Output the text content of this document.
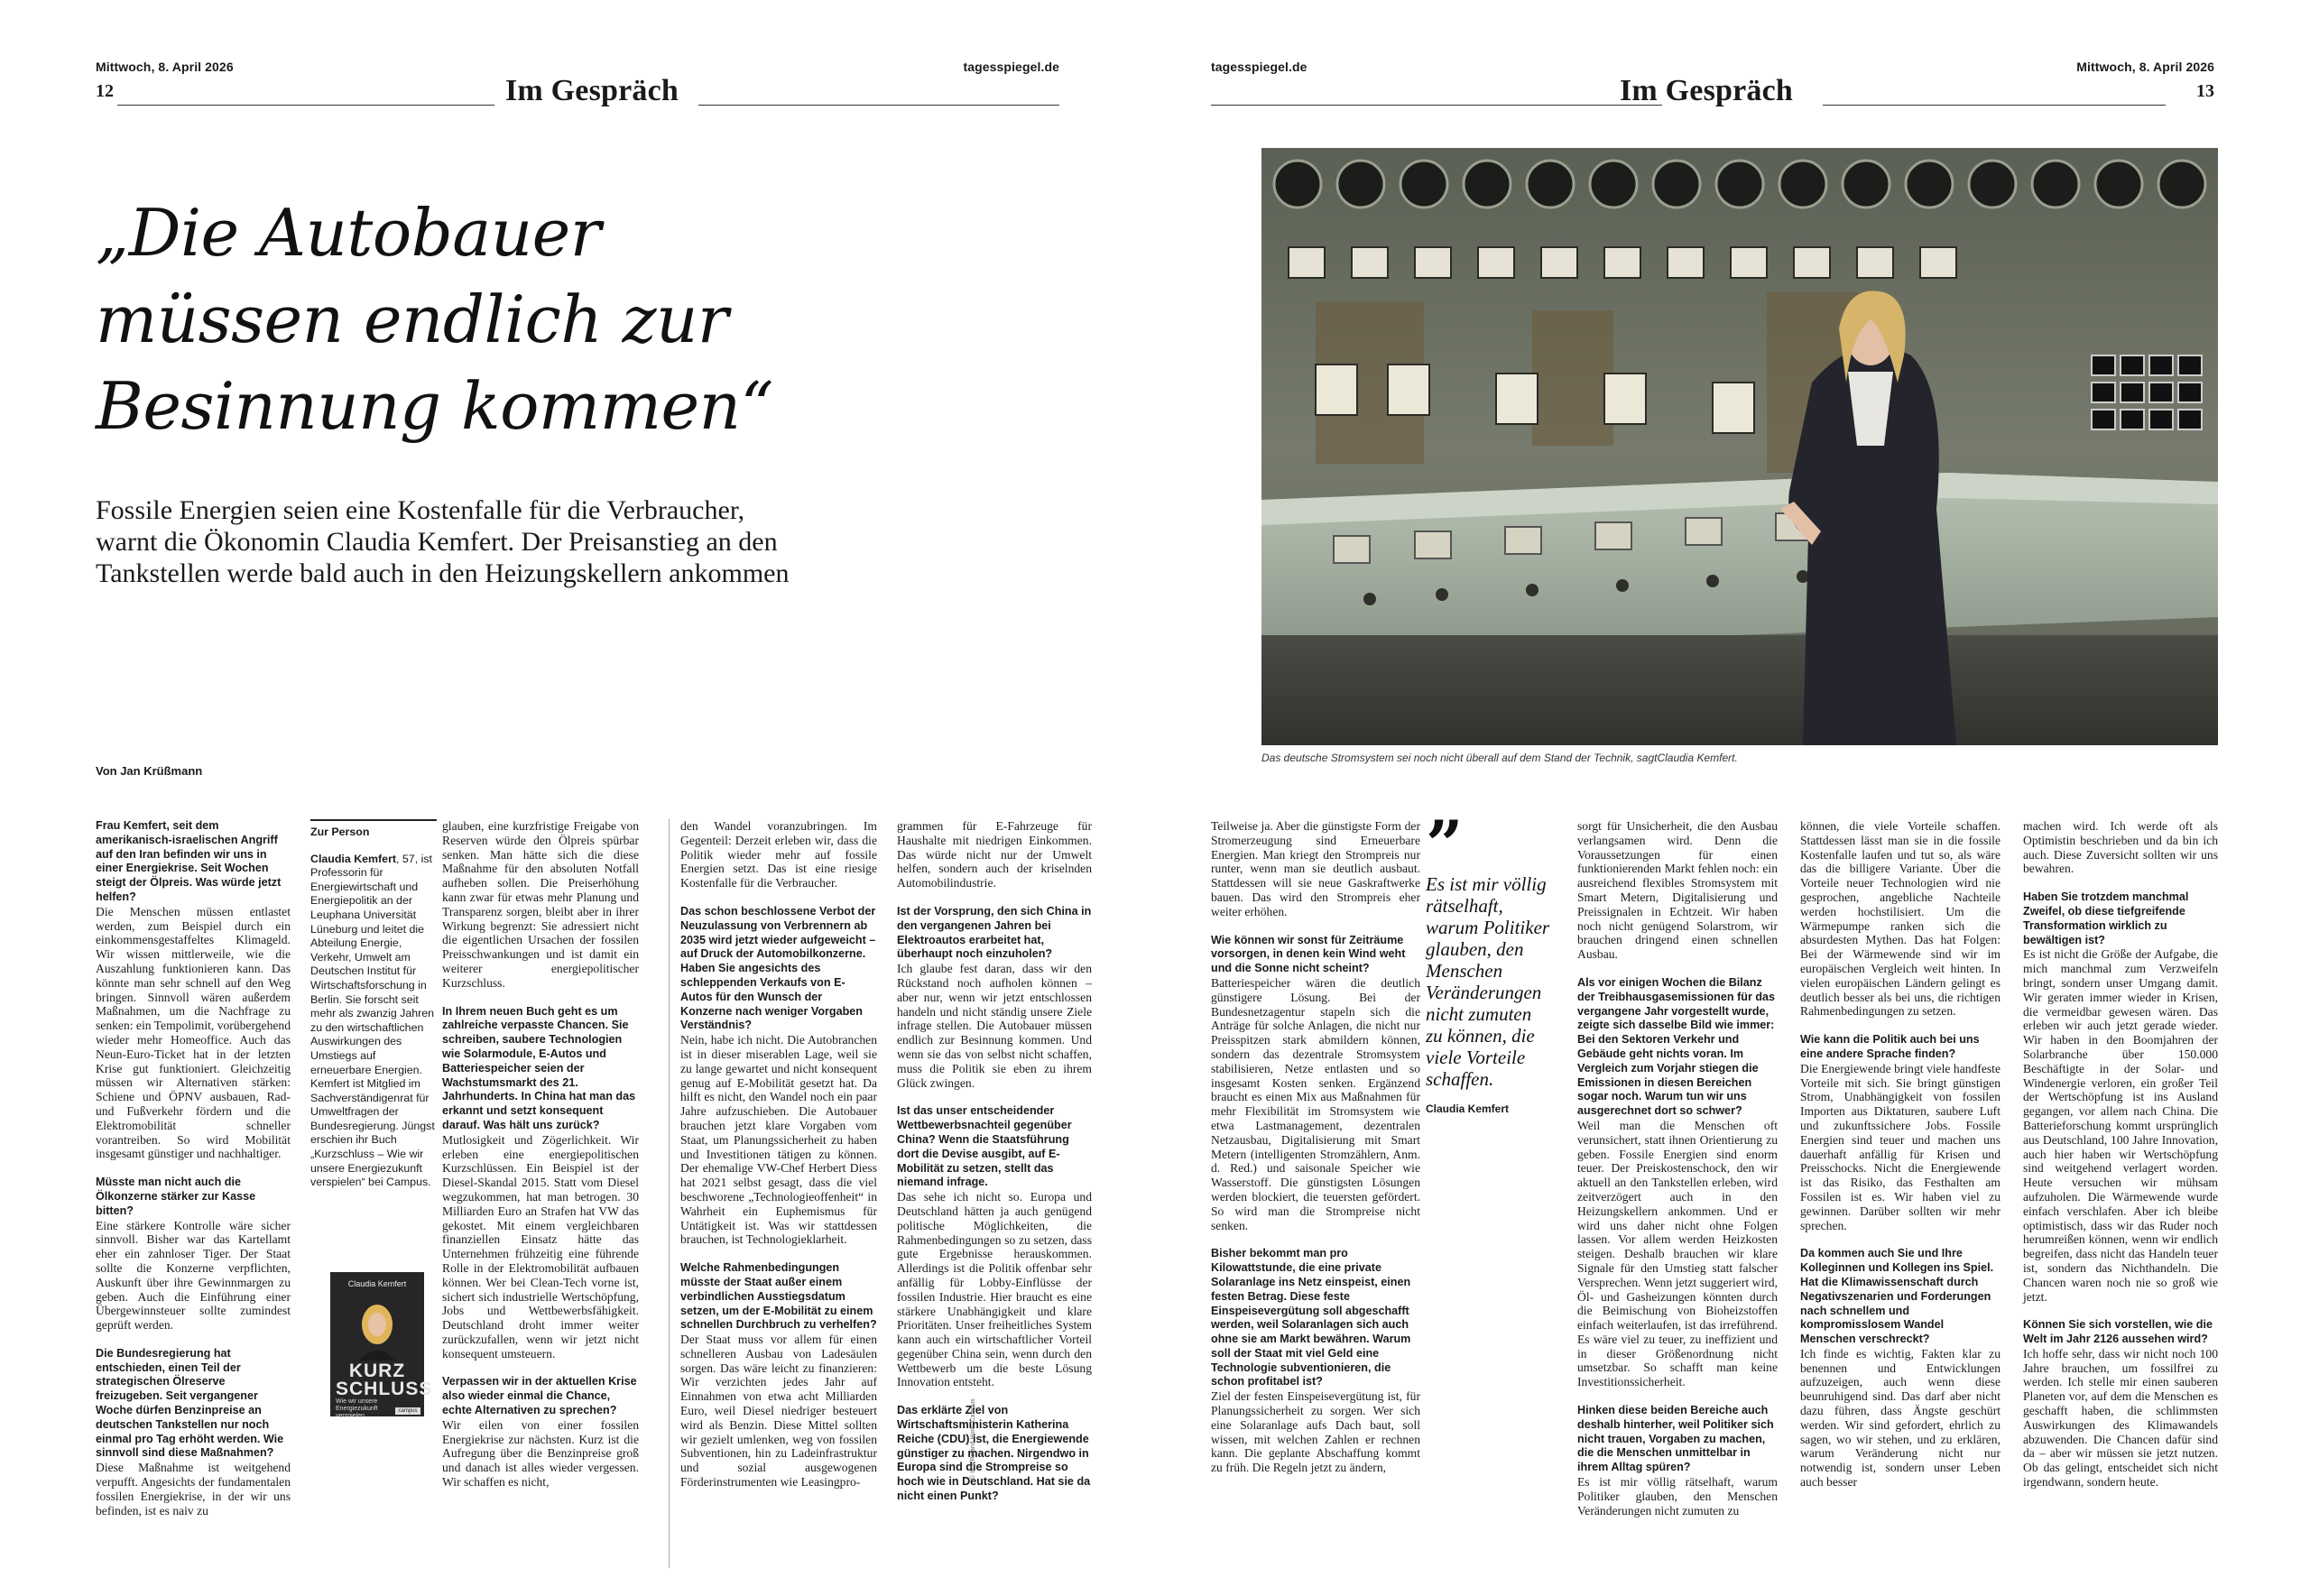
Mittwoch, 8. April 2026	tagesspiegel.de
12	Im Gespräch
„Die Autobauer
müssen endlich zur
Besinnung kommen“

Fossile Energien seien eine Kostenfalle für die Verbraucher,
warnt die Ökonomin Claudia Kemfert. Der Preisanstieg an den
Tankstellen werde bald auch in den Heizungskellern ankommen

Von Jan Krüßmann
Frau Kemfert, seit dem amerikanisch-israelischen Angriff auf den Iran befinden wir uns in einer Energiekrise. Seit Wochen steigt der Ölpreis. Was würde jetzt helfen?
Die Menschen müssen entlastet werden, zum Beispiel durch ein einkommensgestaffeltes Klimageld. Wir wissen mittlerweile, wie die Auszahlung funktionieren kann. Das könnte man sehr schnell auf den Weg bringen. Sinnvoll wären außerdem Maßnahmen, um die Nachfrage zu senken: ein Tempolimit, vorübergehend wieder mehr Homeoffice. Auch das Neun-Euro-Ticket hat in der letzten Krise gut funktioniert. Gleichzeitig müssen wir Alternativen stärken: Schiene und ÖPNV ausbauen, Rad- und Fußverkehr fördern und die Elektromobilität schneller vorantreiben. So wird Mobilität insgesamt günstiger und nachhaltiger.
Müsste man nicht auch die Ölkonzerne stärker zur Kasse bitten?
Eine stärkere Kontrolle wäre sicher sinnvoll. Bisher war das Kartellamt eher ein zahnloser Tiger. Der Staat sollte die Konzerne verpflichten, Auskunft über ihre Gewinnmargen zu geben. Auch die Einführung einer Übergewinnsteuer sollte zumindest geprüft werden.
Die Bundesregierung hat entschieden, einen Teil der strategischen Ölreserve freizugeben. Seit vergangener Woche dürfen Benzinpreise an deutschen Tankstellen nur noch einmal pro Tag erhöht werden. Wie sinnvoll sind diese Maßnahmen?
Diese Maßnahme ist weitgehend verpufft. Angesichts der fundamentalen fossilen Energiekrise, in der wir uns befinden, ist es naiv zu
Zur Person
Claudia Kemfert, 57, ist Professorin für Energiewirtschaft und Energiepolitik an der Leuphana Universität Lüneburg und leitet die Abteilung Energie, Verkehr, Umwelt am Deutschen Institut für Wirtschaftsforschung in Berlin. Sie forscht seit mehr als zwanzig Jahren zu den wirtschaftlichen Auswirkungen des Umstiegs auf erneuerbare Energien. Kemfert ist Mitglied im Sachverständigenrat für Umweltfragen der Bundesregierung. Jüngst erschien ihr Buch „Kurzschluss – Wie wir unsere Energiezukunft verspielen“ bei Campus.
Claudia Kemfert
KURZ SCHLUSS
Wie wir unsere Energiezukunft verspielen
campus
glauben, eine kurzfristige Freigabe von Reserven würde den Ölpreis spürbar senken. Man hätte sich die diese Maßnahme für den absoluten Notfall aufheben sollen. Die Preiserhöhung kann zwar für etwas mehr Planung und Transparenz sorgen, bleibt aber in ihrer Wirkung begrenzt: Sie adressiert nicht die eigentlichen Ursachen der fossilen Preisschwankungen und ist damit ein weiterer energiepolitischer Kurzschluss.
In Ihrem neuen Buch geht es um zahlreiche verpasste Chancen. Sie schreiben, saubere Technologien wie Solarmodule, E-Autos und Batteriespeicher seien der Wachstumsmarkt des 21. Jahrhunderts. In China hat man das erkannt und setzt konsequent darauf. Was hält uns zurück?
Mutlosigkeit und Zögerlichkeit. Wir erleben eine energiepolitischen Kurzschlüssen. Ein Beispiel ist der Diesel-Skandal 2015. Statt vom Diesel wegzukommen, hat man betrogen. 30 Milliarden Euro an Strafen hat VW das gekostet. Mit einem vergleichbaren finanziellen Einsatz hätte das Unternehmen frühzeitig eine führende Rolle in der Elektromobilität aufbauen können. Wer bei Clean-Tech vorne ist, sichert sich industrielle Wertschöpfung, Jobs und Wettbewerbsfähigkeit. Deutschland droht immer weiter zurückzufallen, wenn wir jetzt nicht konsequent umsteuern.
Verpassen wir in der aktuellen Krise also wieder einmal die Chance, echte Alternativen zu sprechen?
Wir eilen von einer fossilen Energiekrise zur nächsten. Kurz ist die Aufregung über die Benzinpreise groß und danach ist alles wieder vergessen. Wir schaffen es nicht,
den Wandel voranzubringen. Im Gegenteil: Derzeit erleben wir, dass die Politik wieder mehr auf fossile Energien setzt. Das ist eine riesige Kostenfalle für die Verbraucher.
Das schon beschlossene Verbot der Neuzulassung von Verbrennern ab 2035 wird jetzt wieder aufgeweicht – auf Druck der Automobilkonzerne. Haben Sie angesichts des schleppenden Verkaufs von E-Autos für den Wunsch der Konzerne nach weniger Vorgaben Verständnis?
Nein, habe ich nicht. Die Autobranchen ist in dieser miserablen Lage, weil sie zu lange gewartet und nicht konsequent genug auf E-Mobilität gesetzt hat. Da hilft es nicht, den Wandel noch ein paar Jahre aufzuschieben. Die Autobauer brauchen jetzt klare Vorgaben vom Staat, um Planungssicherheit zu haben und Investitionen tätigen zu können. Der ehemalige VW-Chef Herbert Diess hat 2021 selbst gesagt, dass die viel beschworene „Technologieoffenheit“ in Wahrheit ein Euphemismus für Untätigkeit ist. Was wir stattdessen brauchen, ist Technologieklarheit.
Welche Rahmenbedingungen müsste der Staat außer einem verbindlichen Ausstiegsdatum setzen, um der E-Mobilität zu einem schnellen Durchbruch zu verhelfen?
Der Staat muss vor allem für einen schnelleren Ausbau von Ladesäulen sorgen. Das wäre leicht zu finanzieren: Wir verzichten jedes Jahr auf Einnahmen von etwa acht Milliarden Euro, weil Diesel niedriger besteuert wird als Benzin. Diese Mittel sollten wir gezielt umlenken, weg von fossilen Subventionen, hin zu Ladeinfrastruktur und sozial ausgewogenen Förderinstrumenten wie Leasingpro-
grammen für E-Fahrzeuge für Haushalte mit niedrigen Einkommen. Das würde nicht nur der Umwelt helfen, sondern auch der kriselnden Automobilindustrie.
Ist der Vorsprung, den sich China in den vergangenen Jahren bei Elektroautos erarbeitet hat, überhaupt noch einzuholen?
Ich glaube fest daran, dass wir den Rückstand noch aufholen können – aber nur, wenn wir jetzt entschlossen handeln und nicht ständig unsere Ziele infrage stellen. Die Autobauer müssen endlich zur Besinnung kommen. Und wenn sie das von selbst nicht schaffen, muss die Politik sie eben zu ihrem Glück zwingen.
Ist das unser entscheidender Wettbewerbsnachteil gegenüber China? Wenn die Staatsführung dort die Devise ausgibt, auf E-Mobilität zu setzen, stellt das niemand infrage.
Das sehe ich nicht so. Europa und Deutschland hätten ja auch genügend politische Möglichkeiten, die Rahmenbedingungen so zu setzen, dass gute Ergebnisse herauskommen. Allerdings ist die Politik offenbar sehr anfällig für Lobby-Einflüsse der fossilen Industrie. Hier braucht es eine stärkere Unabhängigkeit und klare Prioritäten. Unser freiheitliches System kann auch ein wirtschaftlicher Vorteil gegenüber China sein, wenn durch den Wettbewerb um die beste Lösung Innovation entsteht.
Das erklärte Ziel von Wirtschaftsministerin Katherina Reiche (CDU) ist, die Energiewende günstiger zu machen. Nirgendwo in Europa sind die Strompreise so hoch wie in Deutschland. Hat sie da nicht einen Punkt?
© IPS/Roland Horn, Campus
tagesspiegel.de	Mittwoch, 8. April 2026
13
Im Gespräch
Teilweise ja. Aber die günstigste Form der Stromerzeugung sind Erneuerbare Energien. Man kriegt den Strompreis nur runter, wenn man sie deutlich ausbaut. Stattdessen will sie neue Gaskraftwerke bauen. Das wird den Strompreis eher weiter erhöhen.
Wie können wir sonst für Zeiträume vorsorgen, in denen kein Wind weht und die Sonne nicht scheint?
Batteriespeicher wären die deutlich günstigere Lösung. Bei der Bundesnetzagentur stapeln sich die Anträge für solche Anlagen, die nicht nur Preisspitzen stark abmildern können, sondern das dezentrale Stromsystem stabilisieren, Netze entlasten und so insgesamt Kosten senken. Ergänzend braucht es einen Mix aus Maßnahmen für mehr Flexibilität im Stromsystem wie etwa Lastmanagement, dezentralen Netzausbau, Digitalisierung mit Smart Metern (intelligenten Stromzählern, Anm. d. Red.) und saisonale Speicher wie Wasserstoff. Die günstigsten Lösungen werden blockiert, die teuersten gefördert. So wird man die Strompreise nicht senken.
Bisher bekommt man pro Kilowattstunde, die eine private Solaranlage ins Netz einspeist, einen festen Betrag. Diese feste Einspeisevergütung soll abgeschafft werden, weil Solaranlagen sich auch ohne sie am Markt bewähren. Warum soll der Staat mit viel Geld eine Technologie subventionieren, die schon profitabel ist?
Ziel der festen Einspeisevergütung ist, für Planungssicherheit zu sorgen. Wer sich eine Solaranlage aufs Dach baut, soll wissen, mit welchen Zahlen er rechnen kann. Die geplante Abschaffung kommt zu früh. Die Regeln jetzt zu ändern,
sorgt für Unsicherheit, die den Ausbau verlangsamen wird. Denn die Voraussetzungen für einen funktionierenden Markt fehlen noch: ein ausreichend flexibles Stromsystem mit Smart Metern, Digitalisierung und Preissignalen in Echtzeit. Wir haben noch nicht genügend Solarstrom, wir brauchen dringend einen schnellen Ausbau.
Als vor einigen Wochen die Bilanz der Treibhausgasemissionen für das vergangene Jahr vorgestellt wurde, zeigte sich dasselbe Bild wie immer: Bei den Sektoren Verkehr und Gebäude geht nichts voran. Im Vergleich zum Vorjahr stiegen die Emissionen in diesen Bereichen sogar noch. Warum tun wir uns ausgerechnet dort so schwer?
Weil man die Menschen oft verunsichert, statt ihnen Orientierung zu geben. Fossile Energien sind enorm teuer. Der Preiskostenschock, den wir aktuell an den Tankstellen erleben, wird zeitverzögert auch in den Heizungskellern ankommen. Und er wird uns daher nicht ohne Folgen lassen. Vor allem werden Heizkosten steigen. Deshalb brauchen wir klare Signale für den Umstieg statt falscher Versprechen. Wenn jetzt suggeriert wird, Öl- und Gasheizungen könnten durch die Beimischung von Bioheizstoffen einfach weiterlaufen, ist das irreführend. Es wäre viel zu teuer, zu ineffizient und in dieser Größenordnung nicht umsetzbar. So schafft man keine Investitionssicherheit.
Hinken diese beiden Bereiche auch deshalb hinterher, weil Politiker sich nicht trauen, Vorgaben zu machen, die die Menschen unmittelbar in ihrem Alltag spüren?
Es ist mir völlig rätselhaft, warum Politiker glauben, den Menschen Veränderungen nicht zumuten zu
können, die viele Vorteile schaffen. Stattdessen lässt man sie in die fossile Kostenfalle laufen und tut so, als wäre das die billigere Variante. Über die Vorteile neuer Technologien wird nie gesprochen, angebliche Nachteile werden hochstilisiert. Um die Wärmepumpe ranken sich die absurdesten Mythen. Das hat Folgen: Bei der Wärmewende sind wir im europäischen Vergleich weit hinten. In vielen europäischen Ländern gelingt es deutlich besser als bei uns, die richtigen Rahmenbedingungen zu setzen.
Wie kann die Politik auch bei uns eine andere Sprache finden?
Die Energiewende bringt viele handfeste Vorteile mit sich. Sie bringt günstigen Strom, Unabhängigkeit von fossilen Importen aus Diktaturen, saubere Luft und zukunftssichere Jobs. Fossile Energien sind teuer und machen uns dauerhaft anfällig für Krisen und Preisschocks. Nicht die Energiewende ist das Risiko, das Festhalten am Fossilen ist es. Wir haben viel zu gewinnen. Darüber sollten wir mehr sprechen.
Da kommen auch Sie und Ihre Kolleginnen und Kollegen ins Spiel. Hat die Klimawissenschaft durch Negativszenarien und Forderungen nach schnellem und kompromisslosem Wandel Menschen verschreckt?
Ich finde es wichtig, Fakten klar zu benennen und Entwicklungen aufzuzeigen, auch wenn diese beunruhigend sind. Das darf aber nicht dazu führen, dass Ängste geschürt werden. Wir sind gefordert, ehrlich zu sagen, wo wir stehen, und zu erklären, warum Veränderung nicht nur notwendig ist, sondern unser Leben auch besser
machen wird. Ich werde oft als Optimistin beschrieben und da bin ich auch. Diese Zuversicht sollten wir uns bewahren.
Haben Sie trotzdem manchmal Zweifel, ob diese tiefgreifende Transformation wirklich zu bewältigen ist?
Es ist nicht die Größe der Aufgabe, die mich manchmal zum Verzweifeln bringt, sondern unser Umgang damit. Wir geraten immer wieder in Krisen, die vermeidbar gewesen wären. Das erleben wir auch jetzt gerade wieder. Wir haben in den Boomjahren der Solarbranche über 150.000 Beschäftigte in der Solar- und Windenergie verloren, ein großer Teil der Wertschöpfung ist ins Ausland gegangen, vor allem nach China. Die Batterieforschung kommt ursprünglich aus Deutschland, 100 Jahre Innovation, auch hier haben wir Wertschöpfung sind weitgehend verlagert worden. Heute versuchen wir mühsam aufzuholen. Die Wärmewende wurde einfach verschlafen. Aber ich bleibe optimistisch, dass wir das Ruder noch herumreißen können, wenn wir endlich begreifen, dass nicht das Handeln teuer ist, sondern das Nichthandeln. Die Chancen waren noch nie so groß wie jetzt.
Können Sie sich vorstellen, wie die Welt im Jahr 2126 aussehen wird?
Ich hoffe sehr, dass wir nicht noch 100 Jahre brauchen, um fossilfrei zu werden. Ich stelle mir einen sauberen Planeten vor, auf dem die Menschen es geschafft haben, die schlimmsten Auswirkungen des Klimawandels abzuwenden. Die Chancen dafür sind da – aber wir müssen sie jetzt nutzen. Ob das gelingt, entscheidet sich nicht irgendwann, sondern heute.
Das deutsche Stromsystem sei noch nicht überall auf dem Stand der Technik, sagtClaudia Kemfert.
”
Es ist mir völlig rätselhaft, warum Politiker glauben, den Menschen Veränderungen nicht zumuten zu können, die viele Vorteile schaffen.
Claudia Kemfert
